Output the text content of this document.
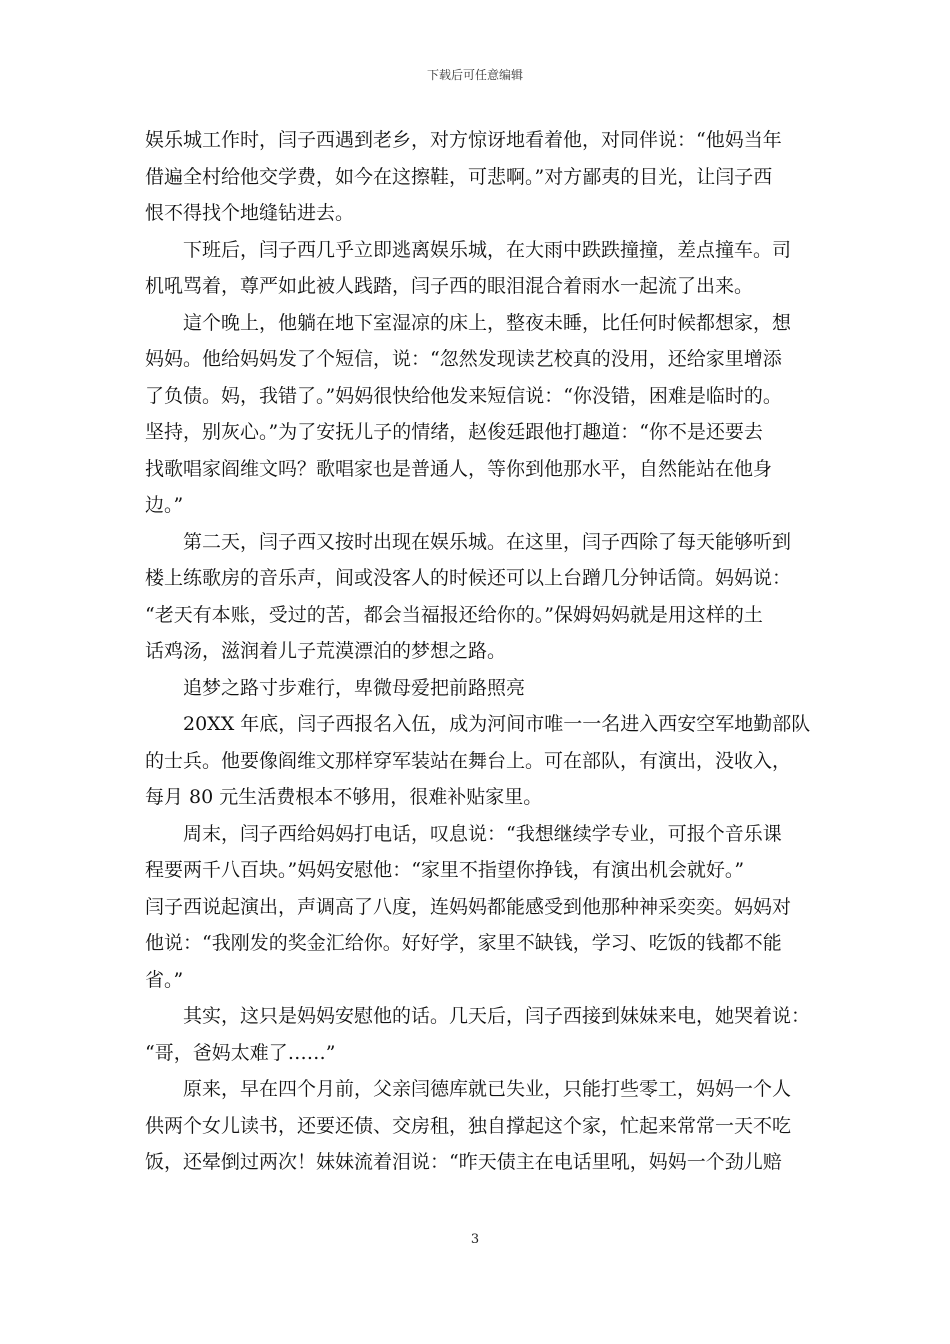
下载后可任意编辑
娱乐城工作时，闫子西遇到老乡，对方惊讶地看着他，对同伴说：“他妈当年
借遍全村给他交学费，如今在这擦鞋，可悲啊。”对方鄙夷的目光，让闫子西
恨不得找个地缝钻进去。
下班后，闫子西几乎立即逃离娱乐城，在大雨中跌跌撞撞，差点撞车。司
机吼骂着，尊严如此被人践踏，闫子西的眼泪混合着雨水一起流了出来。
這个晚上，他躺在地下室湿凉的床上，整夜未睡，比任何时候都想家，想
妈妈。他给妈妈发了个短信，说：“忽然发现读艺校真的没用，还给家里增添
了负债。妈，我错了。”妈妈很快给他发来短信说：“你没错，困难是临时的。
坚持，别灰心。”为了安抚儿子的情绪，赵俊廷跟他打趣道：“你不是还要去
找歌唱家阎维文吗？歌唱家也是普通人，等你到他那水平，自然能站在他身
边。”
第二天，闫子西又按时出现在娱乐城。在这里，闫子西除了每天能够听到
楼上练歌房的音乐声，间或没客人的时候还可以上台蹭几分钟话筒。妈妈说：
“老天有本账，受过的苦，都会当福报还给你的。”保姆妈妈就是用这样的土
话鸡汤，滋润着儿子荒漠漂泊的梦想之路。
追梦之路寸步难行，卑微母爱把前路照亮
20XX 年底，闫子西报名入伍，成为河间市唯一一名进入西安空军地勤部队
的士兵。他要像阎维文那样穿军装站在舞台上。可在部队，有演出，没收入，
每月 80 元生活费根本不够用，很难补贴家里。
周末，闫子西给妈妈打电话，叹息说：“我想继续学专业，可报个音乐课
程要两千八百块。”妈妈安慰他：“家里不指望你挣钱，有演出机会就好。”
闫子西说起演出，声调高了八度，连妈妈都能感受到他那种神采奕奕。妈妈对
他说：“我刚发的奖金汇给你。好好学，家里不缺钱，学习、吃饭的钱都不能
省。”
其实，这只是妈妈安慰他的话。几天后，闫子西接到妹妹来电，她哭着说：
“哥，爸妈太难了……”
原来，早在四个月前，父亲闫德库就已失业，只能打些零工，妈妈一个人
供两个女儿读书，还要还债、交房租，独自撑起这个家，忙起来常常一天不吃
饭，还晕倒过两次！妹妹流着泪说：“昨天债主在电话里吼，妈妈一个劲儿赔
3
